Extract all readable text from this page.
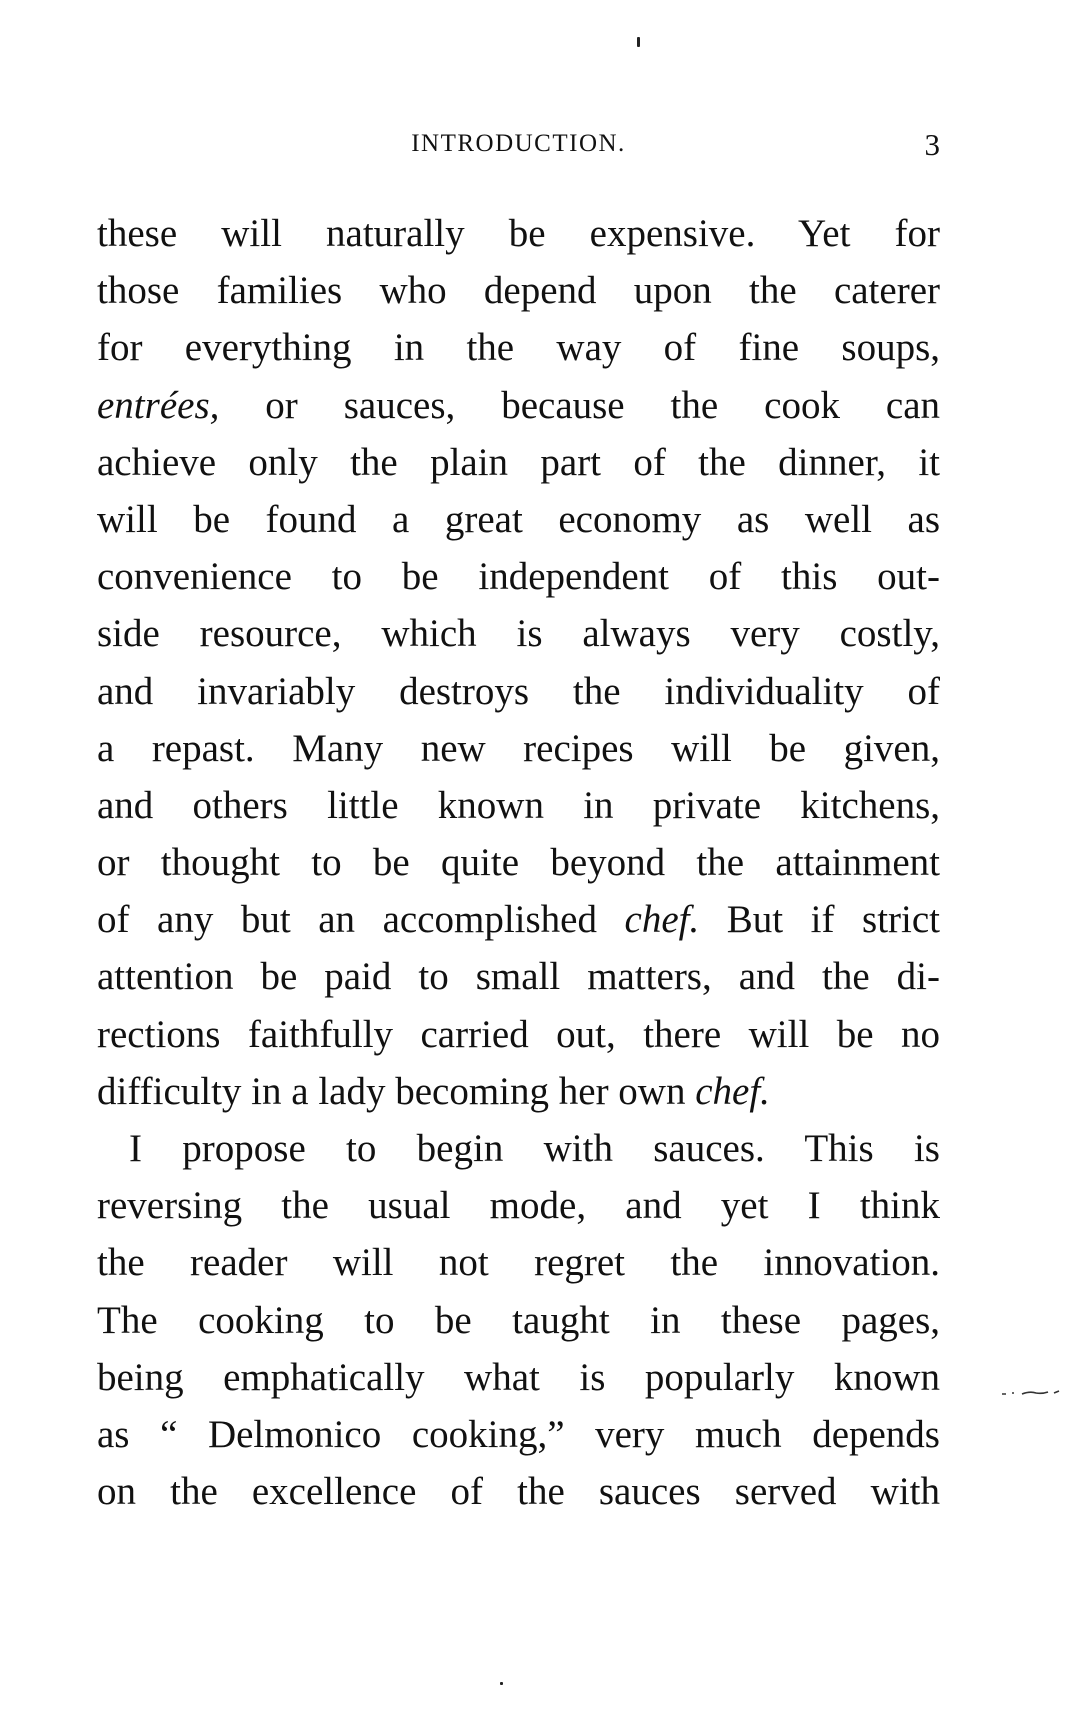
INTRODUCTION.	3
these will naturally be expensive. Yet for
those families who depend upon the caterer
for everything in the way of fine soups,
entrées, or sauces, because the cook can
achieve only the plain part of the dinner, it
will be found a great economy as well as
convenience to be independent of this out-
side resource, which is always very costly,
and invariably destroys the individuality of
a repast. Many new recipes will be given,
and others little known in private kitchens,
or thought to be quite beyond the attainment
of any but an accomplished chef. But if strict
attention be paid to small matters, and the di-
rections faithfully carried out, there will be no
difficulty in a lady becoming her own chef.
I propose to begin with sauces. This is
reversing the usual mode, and yet I think
the reader will not regret the innovation.
The cooking to be taught in these pages,
being emphatically what is popularly known
as “ Delmonico cooking,” very much depends
on the excellence of the sauces served with
